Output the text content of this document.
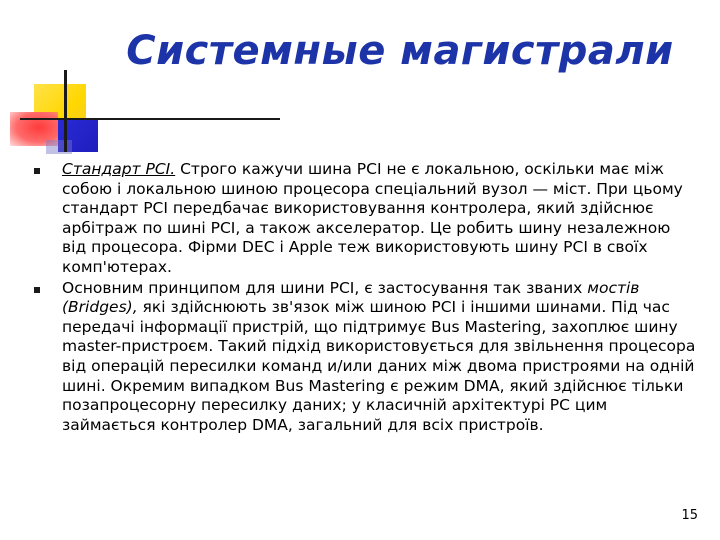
Системные магистрали
Стандарт PCI. Строго кажучи шина PCI не є локальною, оскільки має між собою і локальною шиною процесора спеціальний вузол — міст. При цьому стандарт PCI передбачає використовування контролера, який здійснює арбітраж по шині PCI, а також акселератор. Це робить шину незалежною від процесора. Фірми DEC і Apple теж використовують шину PCI в своїх комп'ютерах.
Основним принципом для шини PCI, є застосування так званих мостів (Bridges), які здійснюють зв'язок між шиною PCI і іншими шинами. Під час передачі інформації пристрій, що підтримує Bus Mastering, захоплює шину master-пристроєм. Такий підхід використовується для звільнення процесора від операцій пересилки команд и/или даних між двома пристроями на одній шині. Окремим випадком Bus Mastering є режим DMA, який здійснює тільки позапроцесорну пересилку даних; у класичній архітектурі PC цим займається контролер DMA, загальний для всіх пристроїв.
15
